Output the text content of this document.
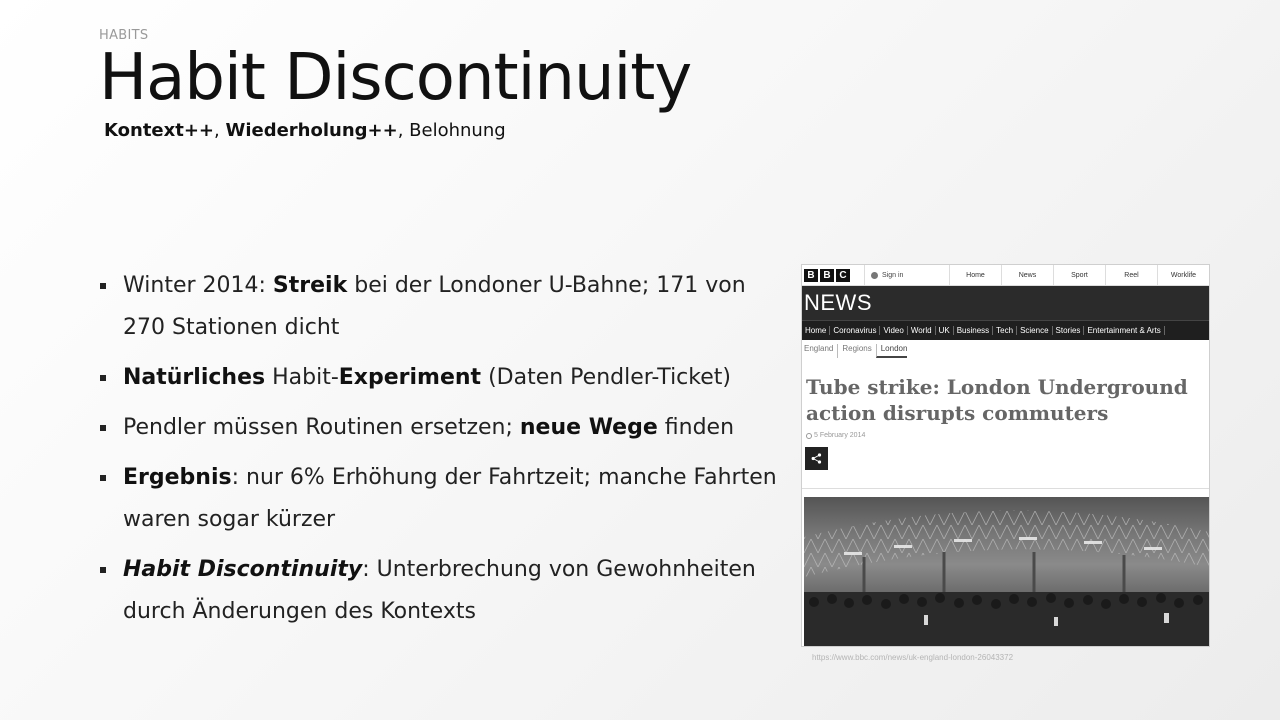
HABITS
Habit Discontinuity
Kontext++, Wiederholung++, Belohnung
Winter 2014: Streik bei der Londoner U-Bahne; 171 von 270 Stationen dicht
Natürliches Habit-Experiment (Daten Pendler-Ticket)
Pendler müssen Routinen ersetzen; neue Wege finden
Ergebnis: nur 6% Erhöhung der Fahrtzeit; manche Fahrten waren sogar kürzer
Habit Discontinuity: Unterbrechung von Gewohnheiten durch Änderungen des Kontexts
B B C	Sign in	Home	News	Sport	Reel	Worklife
NEWS
Home Coronavirus Video World UK Business Tech Science Stories Entertainment & Arts
England	Regions	London
Tube strike: London Underground action disrupts commuters
5 February 2014
https://www.bbc.com/news/uk-england-london-26043372
